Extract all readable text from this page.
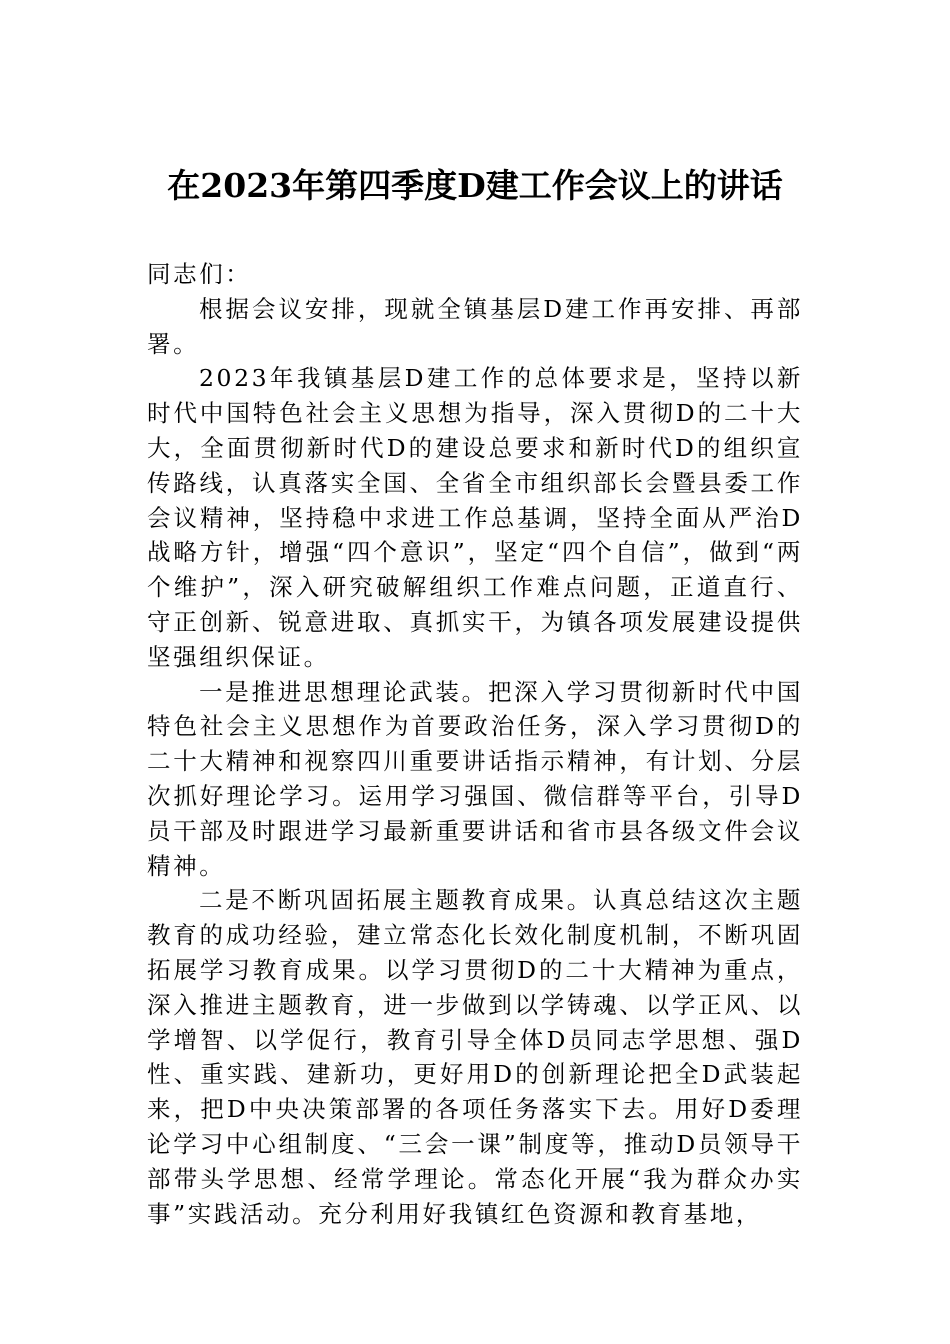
在2023年第四季度D建工作会议上的讲话

同志们：

根据会议安排，现就全镇基层D建工作再安排、再部署。

2023年我镇基层D建工作的总体要求是，坚持以新时代中国特色社会主义思想为指导，深入贯彻D的二十大大，全面贯彻新时代D的建设总要求和新时代D的组织宣传路线，认真落实全国、全省全市组织部长会暨县委工作会议精神，坚持稳中求进工作总基调，坚持全面从严治D战略方针，增强“四个意识”，坚定“四个自信”，做到“两个维护”，深入研究破解组织工作难点问题，正道直行、守正创新、锐意进取、真抓实干，为镇各项发展建设提供坚强组织保证。

一是推进思想理论武装。把深入学习贯彻新时代中国特色社会主义思想作为首要政治任务，深入学习贯彻D的二十大精神和视察四川重要讲话指示精神，有计划、分层次抓好理论学习。运用学习强国、微信群等平台，引导D员干部及时跟进学习最新重要讲话和省市县各级文件会议精神。

二是不断巩固拓展主题教育成果。认真总结这次主题教育的成功经验，建立常态化长效化制度机制，不断巩固拓展学习教育成果。以学习贯彻D的二十大精神为重点，深入推进主题教育，进一步做到以学铸魂、以学正风、以学增智、以学促行，教育引导全体D员同志学思想、强D性、重实践、建新功，更好用D的创新理论把全D武装起来，把D中央决策部署的各项任务落实下去。用好D委理论学习中心组制度、“三会一课”制度等，推动D员领导干部带头学思想、经常学理论。常态化开展“我为群众办实事”实践活动。充分利用好我镇红色资源和教育基地，
